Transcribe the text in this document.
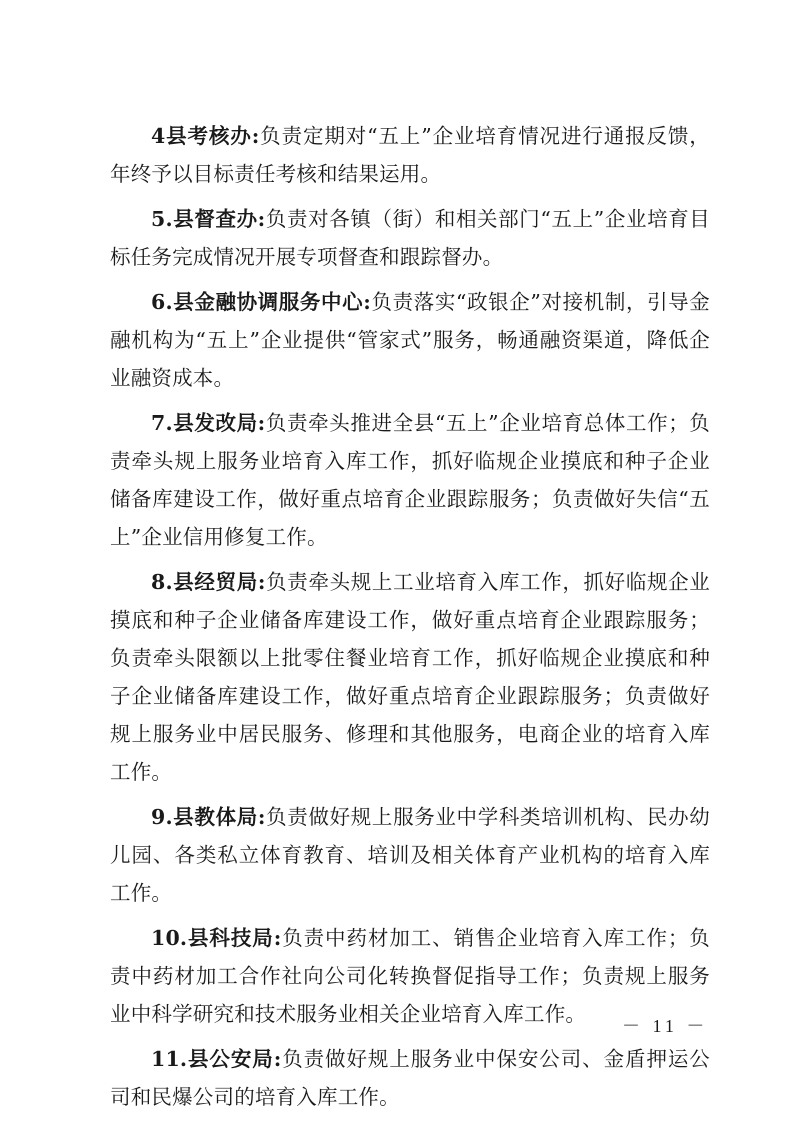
4县考核办:负责定期对“五上”企业培育情况进行通报反馈，年终予以目标责任考核和结果运用。

5.县督查办:负责对各镇（街）和相关部门“五上”企业培育目标任务完成情况开展专项督查和跟踪督办。

6.县金融协调服务中心:负责落实“政银企”对接机制，引导金融机构为“五上”企业提供“管家式”服务，畅通融资渠道，降低企业融资成本。

7.县发改局:负责牵头推进全县“五上”企业培育总体工作；负责牵头规上服务业培育入库工作，抓好临规企业摸底和种子企业储备库建设工作，做好重点培育企业跟踪服务；负责做好失信“五上”企业信用修复工作。

8.县经贸局:负责牵头规上工业培育入库工作，抓好临规企业摸底和种子企业储备库建设工作，做好重点培育企业跟踪服务；负责牵头限额以上批零住餐业培育工作，抓好临规企业摸底和种子企业储备库建设工作，做好重点培育企业跟踪服务；负责做好规上服务业中居民服务、修理和其他服务，电商企业的培育入库工作。

9.县教体局:负责做好规上服务业中学科类培训机构、民办幼儿园、各类私立体育教育、培训及相关体育产业机构的培育入库工作。

10.县科技局:负责中药材加工、销售企业培育入库工作；负责中药材加工合作社向公司化转换督促指导工作；负责规上服务业中科学研究和技术服务业相关企业培育入库工作。

11.县公安局:负责做好规上服务业中保安公司、金盾押运公司和民爆公司的培育入库工作。

－ 11 －
